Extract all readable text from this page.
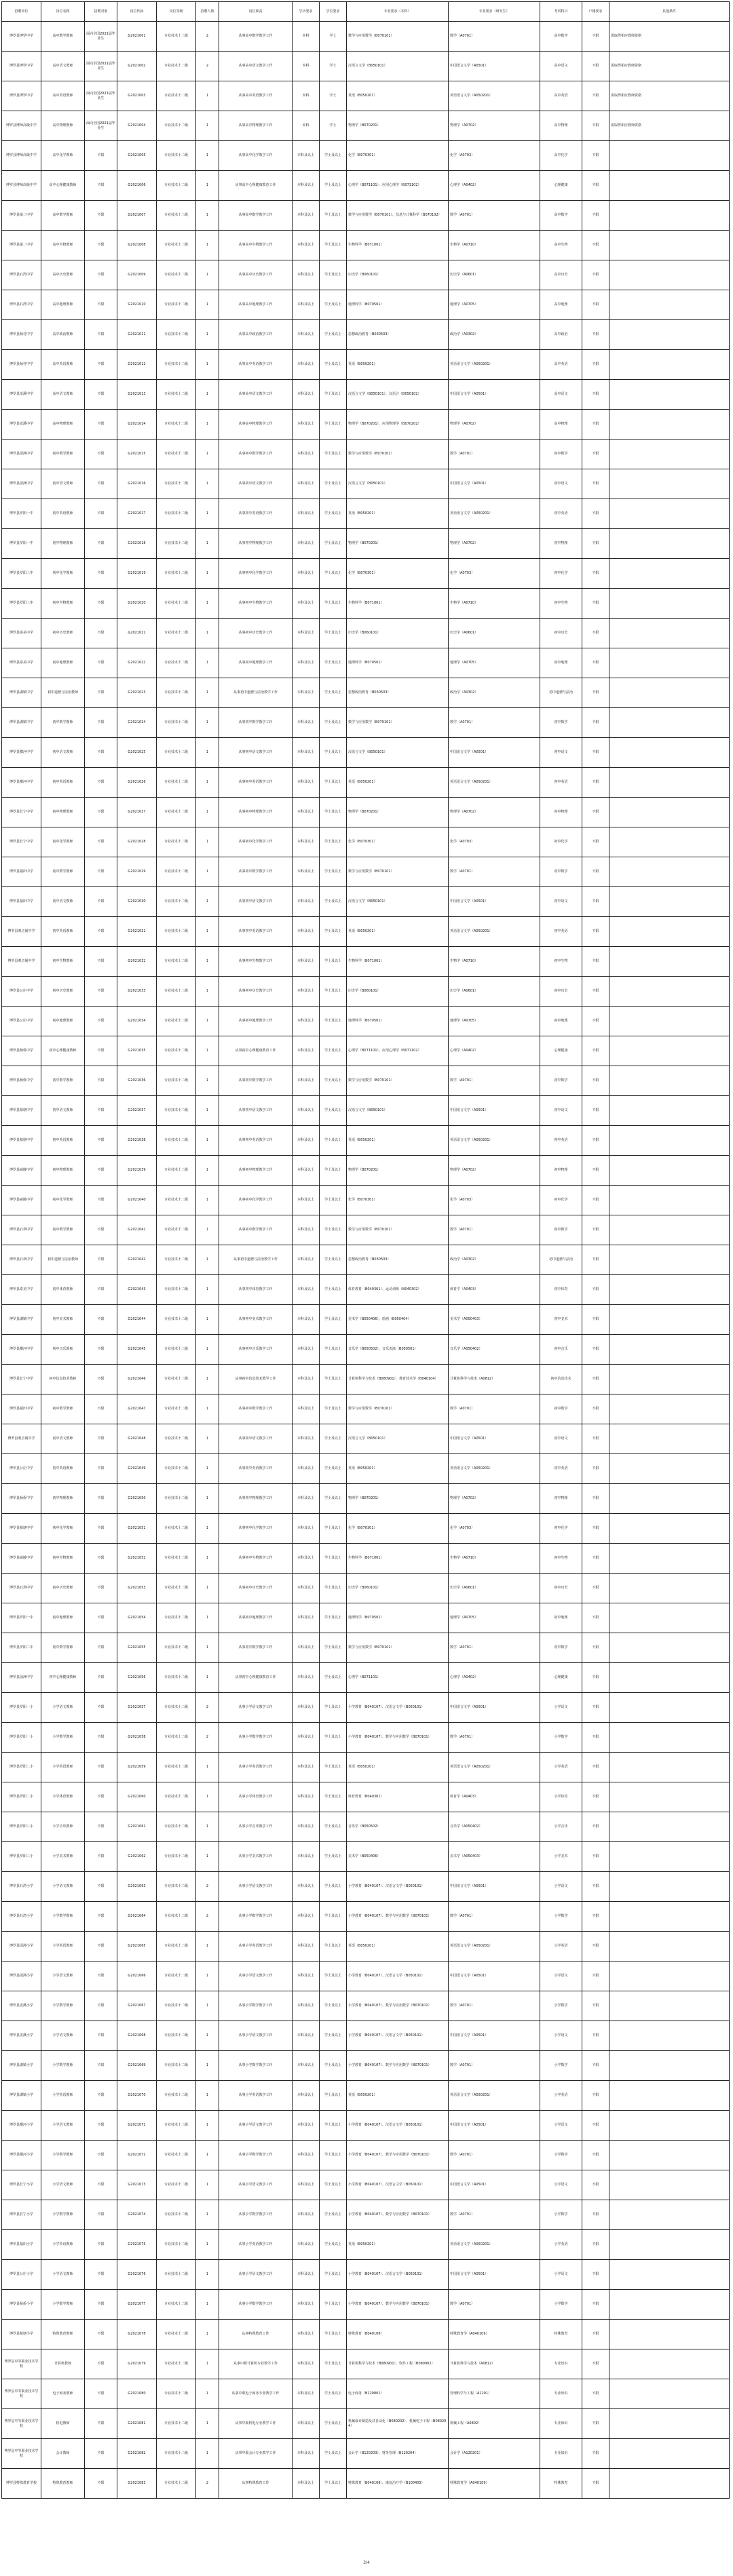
招聘单位	岗位名称	招聘对象	岗位代码	岗位等级	招聘人数	岗位职责	学历要求	学位要求	专业要求（本科）	专业要求（研究生）	考试科目	户籍要求	其他条件
博罗县博罗中学	高中数学教师	面向全国2021届毕业生	G2021001	专业技术十二级	2	从事高中数学教学工作	本科	学士	数学与应用数学（B070101）	数学（A0701）	高中数学	不限	需取得相应教师资格
博罗县博罗中学	高中语文教师	面向全国2021届毕业生	G2021002	专业技术十二级	2	从事高中语文教学工作	本科	学士	汉语言文学（B050101）	中国语言文学（A0501）	高中语文	不限	需取得相应教师资格
博罗县博罗中学	高中英语教师	面向全国2021届毕业生	G2021003	专业技术十二级	1	从事高中英语教学工作	本科	学士	英语（B050201）	英语语言文学（A050201）	高中英语	不限	需取得相应教师资格
博罗县博师高级中学	高中物理教师	面向全国2021届毕业生	G2021004	专业技术十二级	1	从事高中物理教学工作	本科	学士	物理学（B070201）	物理学（A0702）	高中物理	不限	需取得相应教师资格
博罗县博师高级中学	高中化学教师	不限	G2021005	专业技术十二级	1	从事高中化学教学工作	本科及以上	学士及以上	化学（B070301）	化学（A0703）	高中化学	不限	
博罗县博师高级中学	高中心理健康教师	不限	G2021006	专业技术十二级	1	从事高中心理健康教育工作	本科及以上	学士及以上	心理学（B071101）、应用心理学（B071102）	心理学（A0402）	心理健康	不限	
博罗县第二中学	高中数学教师	不限	G2021007	专业技术十二级	1	从事高中数学教学工作	本科及以上	学士及以上	数学与应用数学（B070101）、信息与计算科学（B070102）	数学（A0701）	高中数学	不限	
博罗县第二中学	高中生物教师	不限	G2021008	专业技术十二级	1	从事高中生物教学工作	本科及以上	学士及以上	生物科学（B071001）	生物学（A0710）	高中生物	不限	
博罗县石湾中学	高中历史教师	不限	G2021009	专业技术十二级	1	从事高中历史教学工作	本科及以上	学士及以上	历史学（B060101）	历史学（A0601）	高中历史	不限	
博罗县石湾中学	高中地理教师	不限	G2021010	专业技术十二级	1	从事高中地理教学工作	本科及以上	学士及以上	地理科学（B070501）	地理学（A0705）	高中地理	不限	
博罗县杨村中学	高中政治教师	不限	G2021011	专业技术十二级	1	从事高中政治教学工作	本科及以上	学士及以上	思想政治教育（B030503）	政治学（A0302）	高中政治	不限	
博罗县杨村中学	高中英语教师	不限	G2021012	专业技术十二级	1	从事高中英语教学工作	本科及以上	学士及以上	英语（B050201）	英语语言文学（A050201）	高中英语	不限	
博罗县龙溪中学	高中语文教师	不限	G2021013	专业技术十二级	1	从事高中语文教学工作	本科及以上	学士及以上	汉语言文学（B050101）、汉语言（B050102）	中国语言文学（A0501）	高中语文	不限	
博罗县龙溪中学	高中物理教师	不限	G2021014	专业技术十二级	1	从事高中物理教学工作	本科及以上	学士及以上	物理学（B070201）、应用物理学（B070202）	物理学（A0702）	高中物理	不限	
博罗县园洲中学	初中数学教师	不限	G2021015	专业技术十二级	1	从事初中数学教学工作	本科及以上	学士及以上	数学与应用数学（B070101）	数学（A0701）	初中数学	不限	
博罗县园洲中学	初中语文教师	不限	G2021016	专业技术十二级	1	从事初中语文教学工作	本科及以上	学士及以上	汉语言文学（B050101）	中国语言文学（A0501）	初中语文	不限	
博罗县罗阳一中	初中英语教师	不限	G2021017	专业技术十二级	1	从事初中英语教学工作	本科及以上	学士及以上	英语（B050201）	英语语言文学（A050201）	初中英语	不限	
博罗县罗阳一中	初中物理教师	不限	G2021018	专业技术十二级	1	从事初中物理教学工作	本科及以上	学士及以上	物理学（B070201）	物理学（A0702）	初中物理	不限	
博罗县罗阳二中	初中化学教师	不限	G2021019	专业技术十二级	1	从事初中化学教学工作	本科及以上	学士及以上	化学（B070301）	化学（A0703）	初中化学	不限	
博罗县罗阳二中	初中生物教师	不限	G2021020	专业技术十二级	1	从事初中生物教学工作	本科及以上	学士及以上	生物科学（B071001）	生物学（A0710）	初中生物	不限	
博罗县泰美中学	初中历史教师	不限	G2021021	专业技术十二级	1	从事初中历史教学工作	本科及以上	学士及以上	历史学（B060101）	历史学（A0601）	初中历史	不限	
博罗县泰美中学	初中地理教师	不限	G2021022	专业技术十二级	1	从事初中地理教学工作	本科及以上	学士及以上	地理科学（B070501）	地理学（A0705）	初中地理	不限	
博罗县湖镇中学	初中道德与法治教师	不限	G2021023	专业技术十二级	1	从事初中道德与法治教学工作	本科及以上	学士及以上	思想政治教育（B030503）	政治学（A0302）	初中道德与法治	不限	
博罗县湖镇中学	初中数学教师	不限	G2021024	专业技术十二级	1	从事初中数学教学工作	本科及以上	学士及以上	数学与应用数学（B070101）	数学（A0701）	初中数学	不限	
博罗县横河中学	初中语文教师	不限	G2021025	专业技术十二级	1	从事初中语文教学工作	本科及以上	学士及以上	汉语言文学（B050101）	中国语言文学（A0501）	初中语文	不限	
博罗县横河中学	初中英语教师	不限	G2021026	专业技术十二级	1	从事初中英语教学工作	本科及以上	学士及以上	英语（B050201）	英语语言文学（A050201）	初中英语	不限	
博罗县长宁中学	初中物理教师	不限	G2021027	专业技术十二级	1	从事初中物理教学工作	本科及以上	学士及以上	物理学（B070201）	物理学（A0702）	初中物理	不限	
博罗县长宁中学	初中化学教师	不限	G2021028	专业技术十二级	1	从事初中化学教学工作	本科及以上	学士及以上	化学（B070301）	化学（A0703）	初中化学	不限	
博罗县福田中学	初中数学教师	不限	G2021029	专业技术十二级	1	从事初中数学教学工作	本科及以上	学士及以上	数学与应用数学（B070101）	数学（A0701）	初中数学	不限	
博罗县福田中学	初中语文教师	不限	G2021030	专业技术十二级	1	从事初中语文教学工作	本科及以上	学士及以上	汉语言文学（B050101）	中国语言文学（A0501）	初中语文	不限	
博罗县观音阁中学	初中英语教师	不限	G2021031	专业技术十二级	1	从事初中英语教学工作	本科及以上	学士及以上	英语（B050201）	英语语言文学（A050201）	初中英语	不限	
博罗县观音阁中学	初中生物教师	不限	G2021032	专业技术十二级	1	从事初中生物教学工作	本科及以上	学士及以上	生物科学（B071001）	生物学（A0710）	初中生物	不限	
博罗县公庄中学	初中历史教师	不限	G2021033	专业技术十二级	1	从事初中历史教学工作	本科及以上	学士及以上	历史学（B060101）	历史学（A0601）	初中历史	不限	
博罗县公庄中学	初中地理教师	不限	G2021034	专业技术十二级	1	从事初中地理教学工作	本科及以上	学士及以上	地理科学（B070501）	地理学（A0705）	初中地理	不限	
博罗县杨侨中学	初中心理健康教师	不限	G2021035	专业技术十二级	1	从事初中心理健康教育工作	本科及以上	学士及以上	心理学（B071101）、应用心理学（B071102）	心理学（A0402）	心理健康	不限	
博罗县杨侨中学	初中数学教师	不限	G2021036	专业技术十二级	1	从事初中数学教学工作	本科及以上	学士及以上	数学与应用数学（B070101）	数学（A0701）	初中数学	不限	
博罗县柏塘中学	初中语文教师	不限	G2021037	专业技术十二级	1	从事初中语文教学工作	本科及以上	学士及以上	汉语言文学（B050101）	中国语言文学（A0501）	初中语文	不限	
博罗县柏塘中学	初中英语教师	不限	G2021038	专业技术十二级	1	从事初中英语教学工作	本科及以上	学士及以上	英语（B050201）	英语语言文学（A050201）	初中英语	不限	
博罗县麻陂中学	初中物理教师	不限	G2021039	专业技术十二级	1	从事初中物理教学工作	本科及以上	学士及以上	物理学（B070201）	物理学（A0702）	初中物理	不限	
博罗县麻陂中学	初中化学教师	不限	G2021040	专业技术十二级	1	从事初中化学教学工作	本科及以上	学士及以上	化学（B070301）	化学（A0703）	初中化学	不限	
博罗县石坝中学	初中数学教师	不限	G2021041	专业技术十二级	1	从事初中数学教学工作	本科及以上	学士及以上	数学与应用数学（B070101）	数学（A0701）	初中数学	不限	
博罗县石坝中学	初中道德与法治教师	不限	G2021042	专业技术十二级	1	从事初中道德与法治教学工作	本科及以上	学士及以上	思想政治教育（B030503）	政治学（A0302）	初中道德与法治	不限	
博罗县泰美中学	初中体育教师	不限	G2021043	专业技术十二级	1	从事初中体育教学工作	本科及以上	学士及以上	体育教育（B040301）、运动训练（B040302）	体育学（A0403）	初中体育	不限	
博罗县湖镇中学	初中美术教师	不限	G2021044	专业技术十二级	1	从事初中美术教学工作	本科及以上	学士及以上	美术学（B050406）、绘画（B050404）	美术学（A050403）	初中美术	不限	
博罗县横河中学	初中音乐教师	不限	G2021045	专业技术十二级	1	从事初中音乐教学工作	本科及以上	学士及以上	音乐学（B050502）、音乐表演（B050501）	音乐学（A050402）	初中音乐	不限	
博罗县长宁中学	初中信息技术教师	不限	G2021046	专业技术十二级	1	从事初中信息技术教学工作	本科及以上	学士及以上	计算机科学与技术（B080901）、教育技术学（B040104）	计算机科学与技术（A0812）	初中信息技术	不限	
博罗县福田中学	初中数学教师	不限	G2021047	专业技术十二级	1	从事初中数学教学工作	本科及以上	学士及以上	数学与应用数学（B070101）	数学（A0701）	初中数学	不限	
博罗县观音阁中学	初中语文教师	不限	G2021048	专业技术十二级	1	从事初中语文教学工作	本科及以上	学士及以上	汉语言文学（B050101）	中国语言文学（A0501）	初中语文	不限	
博罗县公庄中学	初中英语教师	不限	G2021049	专业技术十二级	1	从事初中英语教学工作	本科及以上	学士及以上	英语（B050201）	英语语言文学（A050201）	初中英语	不限	
博罗县杨侨中学	初中物理教师	不限	G2021050	专业技术十二级	1	从事初中物理教学工作	本科及以上	学士及以上	物理学（B070201）	物理学（A0702）	初中物理	不限	
博罗县柏塘中学	初中化学教师	不限	G2021051	专业技术十二级	1	从事初中化学教学工作	本科及以上	学士及以上	化学（B070301）	化学（A0703）	初中化学	不限	
博罗县麻陂中学	初中生物教师	不限	G2021052	专业技术十二级	1	从事初中生物教学工作	本科及以上	学士及以上	生物科学（B071001）	生物学（A0710）	初中生物	不限	
博罗县石坝中学	初中历史教师	不限	G2021053	专业技术十二级	1	从事初中历史教学工作	本科及以上	学士及以上	历史学（B060101）	历史学（A0601）	初中历史	不限	
博罗县罗阳一中	初中地理教师	不限	G2021054	专业技术十二级	1	从事初中地理教学工作	本科及以上	学士及以上	地理科学（B070501）	地理学（A0705）	初中地理	不限	
博罗县罗阳二中	初中数学教师	不限	G2021055	专业技术十二级	1	从事初中数学教学工作	本科及以上	学士及以上	数学与应用数学（B070101）	数学（A0701）	初中数学	不限	
博罗县园洲中学	初中心理健康教师	不限	G2021056	专业技术十二级	1	从事初中心理健康教育工作	本科及以上	学士及以上	心理学（B071101）	心理学（A0402）	心理健康	不限	
博罗县罗阳一小	小学语文教师	不限	G2021057	专业技术十二级	2	从事小学语文教学工作	本科及以上	学士及以上	小学教育（B040107）、汉语言文学（B050101）	中国语言文学（A0501）	小学语文	不限	
博罗县罗阳一小	小学数学教师	不限	G2021058	专业技术十二级	2	从事小学数学教学工作	本科及以上	学士及以上	小学教育（B040107）、数学与应用数学（B070101）	数学（A0701）	小学数学	不限	
博罗县罗阳二小	小学英语教师	不限	G2021059	专业技术十二级	1	从事小学英语教学工作	本科及以上	学士及以上	英语（B050201）	英语语言文学（A050201）	小学英语	不限	
博罗县罗阳二小	小学体育教师	不限	G2021060	专业技术十二级	1	从事小学体育教学工作	本科及以上	学士及以上	体育教育（B040301）	体育学（A0403）	小学体育	不限	
博罗县罗阳三小	小学音乐教师	不限	G2021061	专业技术十二级	1	从事小学音乐教学工作	本科及以上	学士及以上	音乐学（B050502）	音乐学（A050402）	小学音乐	不限	
博罗县罗阳三小	小学美术教师	不限	G2021062	专业技术十二级	1	从事小学美术教学工作	本科及以上	学士及以上	美术学（B050406）	美术学（A050403）	小学美术	不限	
博罗县石湾小学	小学语文教师	不限	G2021063	专业技术十二级	2	从事小学语文教学工作	本科及以上	学士及以上	小学教育（B040107）、汉语言文学（B050101）	中国语言文学（A0501）	小学语文	不限	
博罗县石湾小学	小学数学教师	不限	G2021064	专业技术十二级	2	从事小学数学教学工作	本科及以上	学士及以上	小学教育（B040107）、数学与应用数学（B070101）	数学（A0701）	小学数学	不限	
博罗县园洲小学	小学英语教师	不限	G2021065	专业技术十二级	1	从事小学英语教学工作	本科及以上	学士及以上	英语（B050201）	英语语言文学（A050201）	小学英语	不限	
博罗县园洲小学	小学语文教师	不限	G2021066	专业技术十二级	1	从事小学语文教学工作	本科及以上	学士及以上	小学教育（B040107）、汉语言文学（B050101）	中国语言文学（A0501）	小学语文	不限	
博罗县龙溪小学	小学数学教师	不限	G2021067	专业技术十二级	1	从事小学数学教学工作	本科及以上	学士及以上	小学教育（B040107）、数学与应用数学（B070101）	数学（A0701）	小学数学	不限	
博罗县龙溪小学	小学语文教师	不限	G2021068	专业技术十二级	1	从事小学语文教学工作	本科及以上	学士及以上	小学教育（B040107）、汉语言文学（B050101）	中国语言文学（A0501）	小学语文	不限	
博罗县湖镇小学	小学数学教师	不限	G2021069	专业技术十二级	1	从事小学数学教学工作	本科及以上	学士及以上	小学教育（B040107）、数学与应用数学（B070101）	数学（A0701）	小学数学	不限	
博罗县湖镇小学	小学英语教师	不限	G2021070	专业技术十二级	1	从事小学英语教学工作	本科及以上	学士及以上	英语（B050201）	英语语言文学（A050201）	小学英语	不限	
博罗县横河小学	小学语文教师	不限	G2021071	专业技术十二级	1	从事小学语文教学工作	本科及以上	学士及以上	小学教育（B040107）、汉语言文学（B050101）	中国语言文学（A0501）	小学语文	不限	
博罗县横河小学	小学数学教师	不限	G2021072	专业技术十二级	1	从事小学数学教学工作	本科及以上	学士及以上	小学教育（B040107）、数学与应用数学（B070101）	数学（A0701）	小学数学	不限	
博罗县长宁小学	小学语文教师	不限	G2021073	专业技术十二级	1	从事小学语文教学工作	本科及以上	学士及以上	小学教育（B040107）、汉语言文学（B050101）	中国语言文学（A0501）	小学语文	不限	
博罗县长宁小学	小学数学教师	不限	G2021074	专业技术十二级	1	从事小学数学教学工作	本科及以上	学士及以上	小学教育（B040107）、数学与应用数学（B070101）	数学（A0701）	小学数学	不限	
博罗县福田小学	小学英语教师	不限	G2021075	专业技术十二级	1	从事小学英语教学工作	本科及以上	学士及以上	英语（B050201）	英语语言文学（A050201）	小学英语	不限	
博罗县公庄小学	小学语文教师	不限	G2021076	专业技术十二级	1	从事小学语文教学工作	本科及以上	学士及以上	小学教育（B040107）、汉语言文学（B050101）	中国语言文学（A0501）	小学语文	不限	
博罗县杨侨小学	小学数学教师	不限	G2021077	专业技术十二级	1	从事小学数学教学工作	本科及以上	学士及以上	小学教育（B040107）、数学与应用数学（B070101）	数学（A0701）	小学数学	不限	
博罗县柏塘小学	特殊教育教师	不限	G2021078	专业技术十二级	1	从事特殊教育工作	本科及以上	学士及以上	特殊教育（B040108）	特殊教育学（A040109）	特殊教育	不限	
博罗县中等职业技术学校	计算机教师	不限	G2021079	专业技术十二级	1	从事中职计算机专业教学工作	本科及以上	学士及以上	计算机科学与技术（B080901）、软件工程（B080902）	计算机科学与技术（A0812）	专业知识	不限	
博罗县中等职业技术学校	电子商务教师	不限	G2021080	专业技术十二级	1	从事中职电子商务专业教学工作	本科及以上	学士及以上	电子商务（B120801）	管理科学与工程（A1201）	专业知识	不限	
博罗县中等职业技术学校	机电教师	不限	G2021081	专业技术十二级	1	从事中职机电专业教学工作	本科及以上	学士及以上	机械设计制造及其自动化（B080202）、机械电子工程（B080204）	机械工程（A0802）	专业知识	不限	
博罗县中等职业技术学校	会计教师	不限	G2021082	专业技术十二级	1	从事中职会计专业教学工作	本科及以上	学士及以上	会计学（B120203）、财务管理（B120204）	会计学（A120201）	专业知识	不限	
博罗县特殊教育学校	特殊教育教师	不限	G2021083	专业技术十二级	2	从事特殊教育工作	本科及以上	学士及以上	特殊教育（B040108）、康复治疗学（B100405）	特殊教育学（A040109）	特殊教育	不限	
3/4
